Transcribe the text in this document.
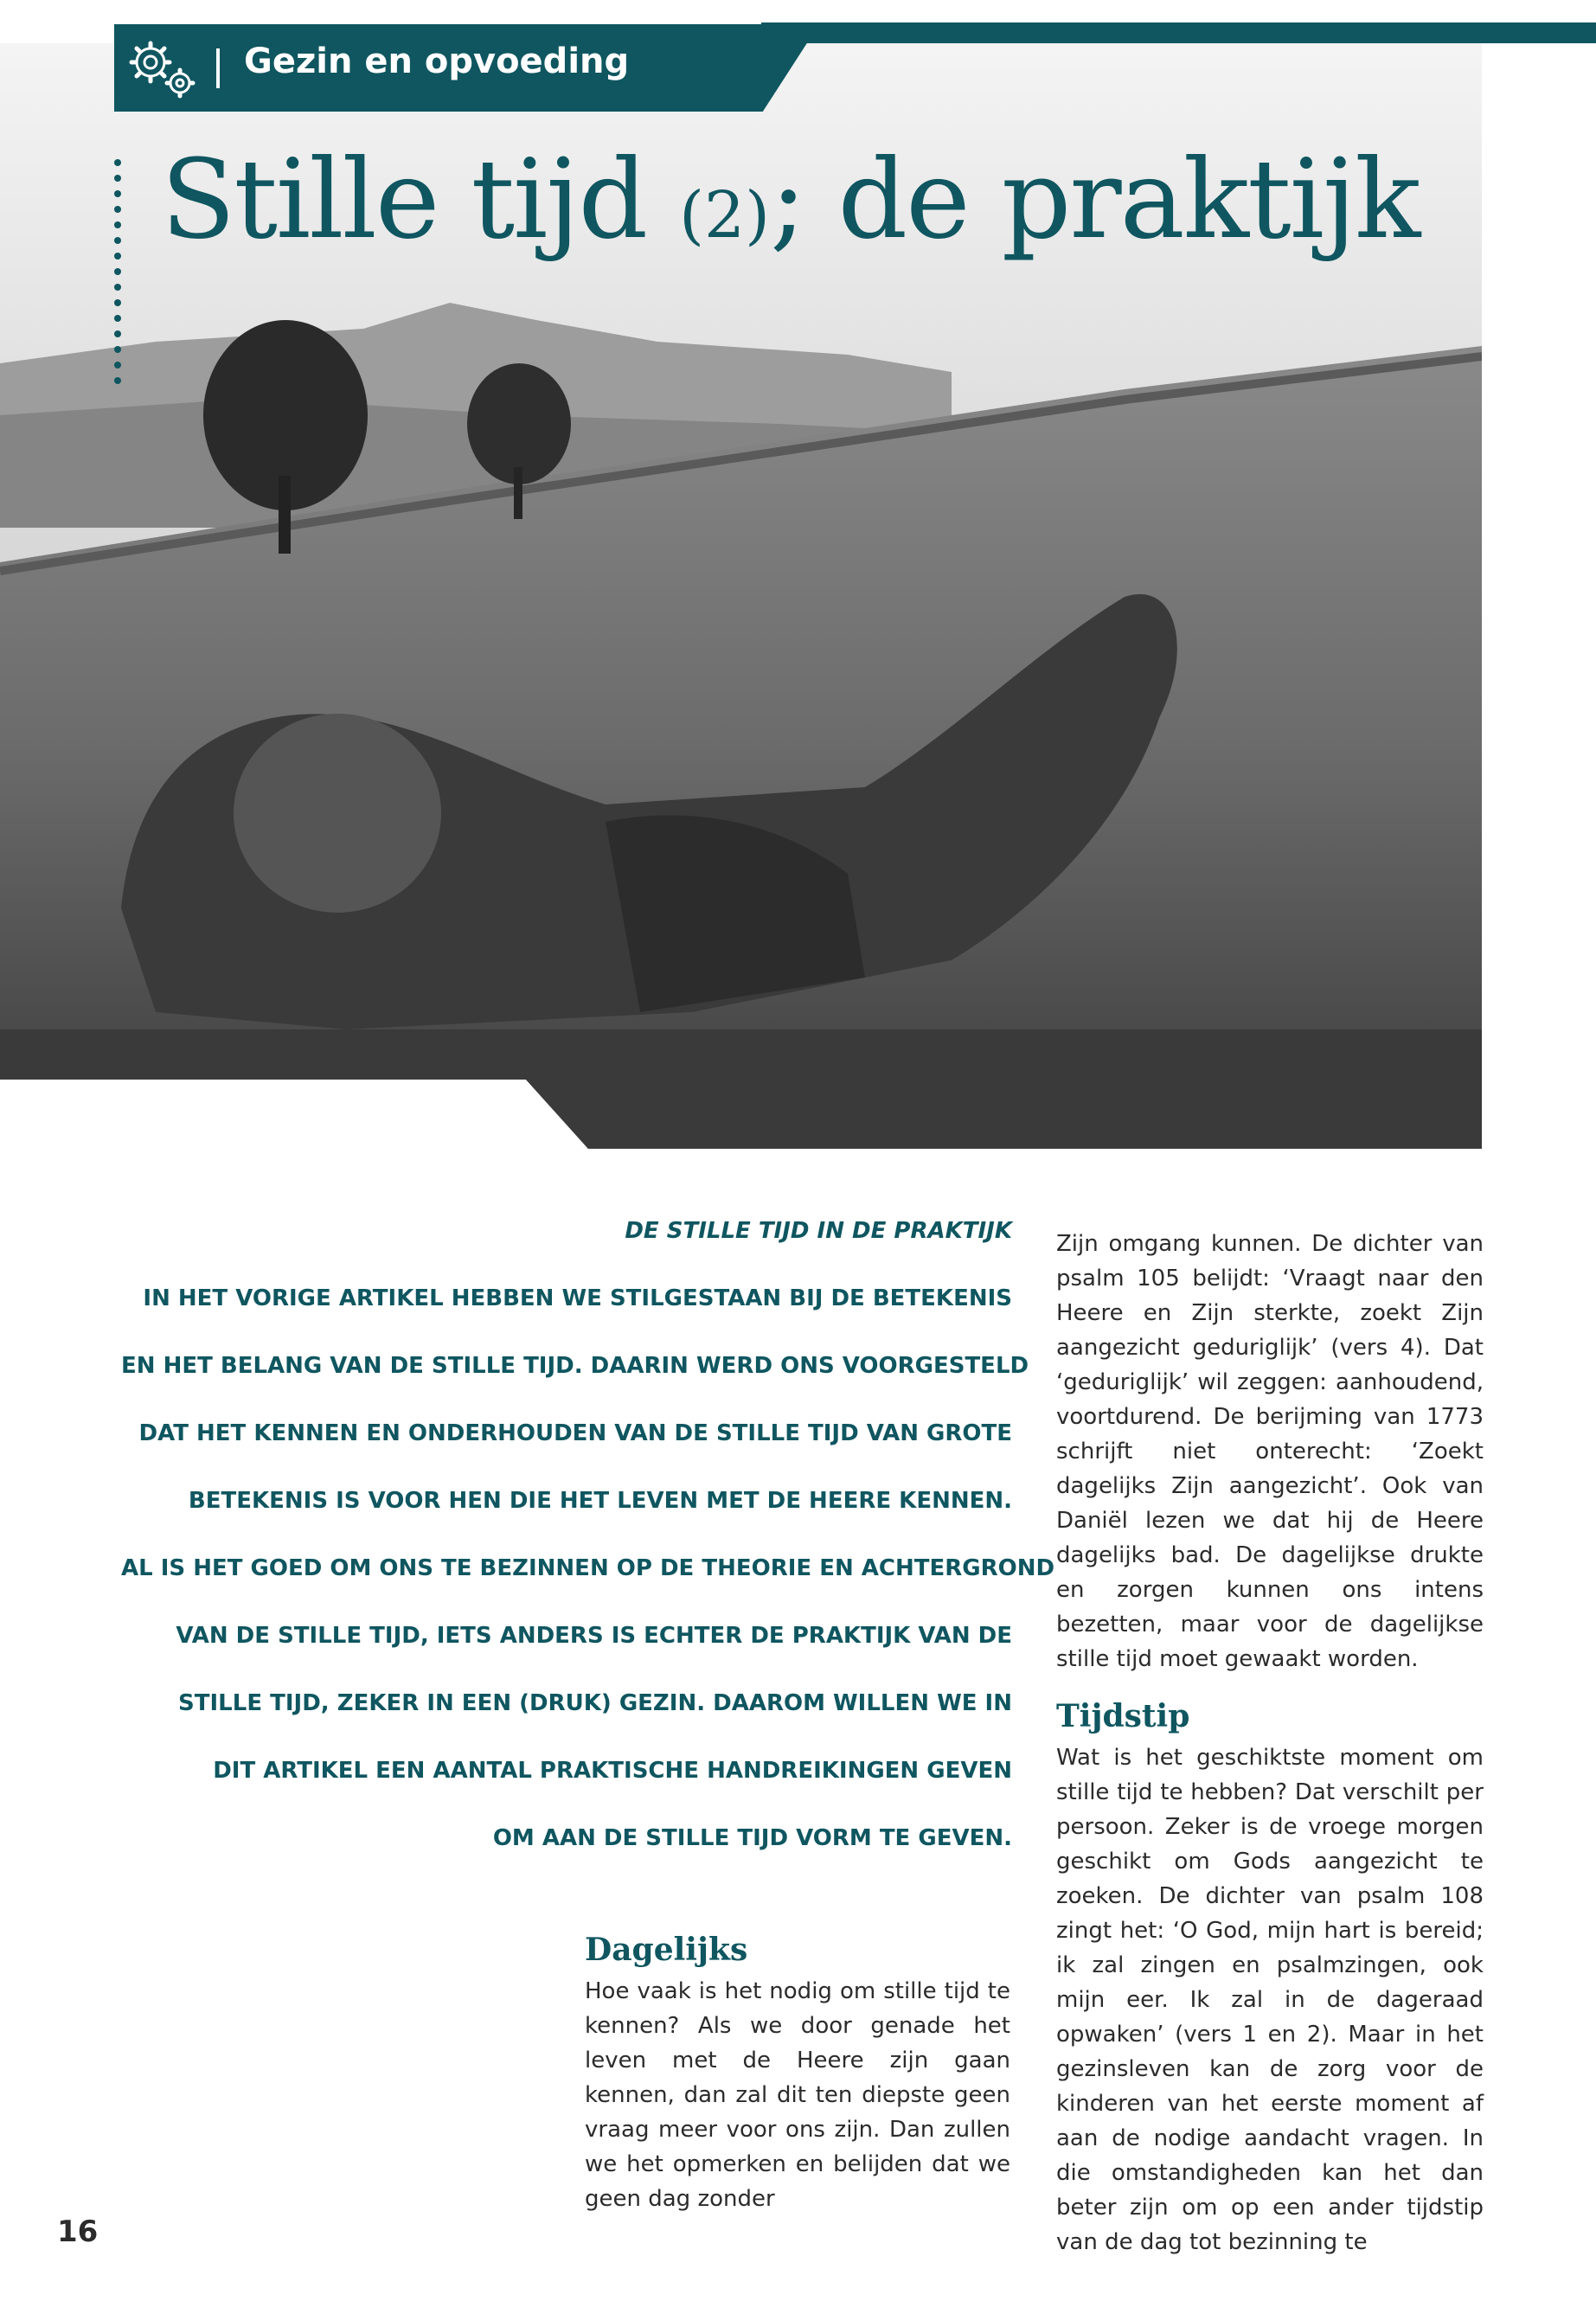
Gezin en opvoeding
Stille tijd (2); de praktijk

DE STILLE TIJD IN DE PRAKTIJK

IN HET VORIGE ARTIKEL HEBBEN WE STILGESTAAN BIJ DE BETEKENIS

EN HET BELANG VAN DE STILLE TIJD. DAARIN WERD ONS VOORGESTELD

DAT HET KENNEN EN ONDERHOUDEN VAN DE STILLE TIJD VAN GROTE

BETEKENIS IS VOOR HEN DIE HET LEVEN MET DE HEERE KENNEN.

AL IS HET GOED OM ONS TE BEZINNEN OP DE THEORIE EN ACHTERGROND

VAN DE STILLE TIJD, IETS ANDERS IS ECHTER DE PRAKTIJK VAN DE

STILLE TIJD, ZEKER IN EEN (DRUK) GEZIN. DAAROM WILLEN WE IN

DIT ARTIKEL EEN AANTAL PRAKTISCHE HANDREIKINGEN GEVEN

OM AAN DE STILLE TIJD VORM TE GEVEN.

Dagelijks

Hoe vaak is het nodig om stille tijd te kennen? Als we door genade het leven met de Heere zijn gaan kennen, dan zal dit ten diepste geen vraag meer voor ons zijn. Dan zullen we het opmerken en belijden dat we geen dag zonder

Zijn omgang kunnen. De dichter van psalm 105 belijdt: ‘Vraagt naar den Heere en Zijn sterkte, zoekt Zijn aangezicht geduriglijk’ (vers 4). Dat ‘geduriglijk’ wil zeggen: aanhoudend, voortdurend. De berijming van 1773 schrijft niet onterecht: ‘Zoekt dagelijks Zijn aangezicht’. Ook van Daniël lezen we dat hij de Heere dagelijks bad. De dagelijkse drukte en zorgen kunnen ons intens bezetten, maar voor de dagelijkse stille tijd moet gewaakt worden.

Tijdstip

Wat is het geschiktste moment om stille tijd te hebben? Dat verschilt per persoon. Zeker is de vroege morgen geschikt om Gods aangezicht te zoeken. De dichter van psalm 108 zingt het: ‘O God, mijn hart is bereid; ik zal zingen en psalmzingen, ook mijn eer. Ik zal in de dageraad opwaken’ (vers 1 en 2). Maar in het gezinsleven kan de zorg voor de kinderen van het eerste moment af aan de nodige aandacht vragen. In die omstandigheden kan het dan beter zijn om op een ander tijdstip van de dag tot bezinning te

16
